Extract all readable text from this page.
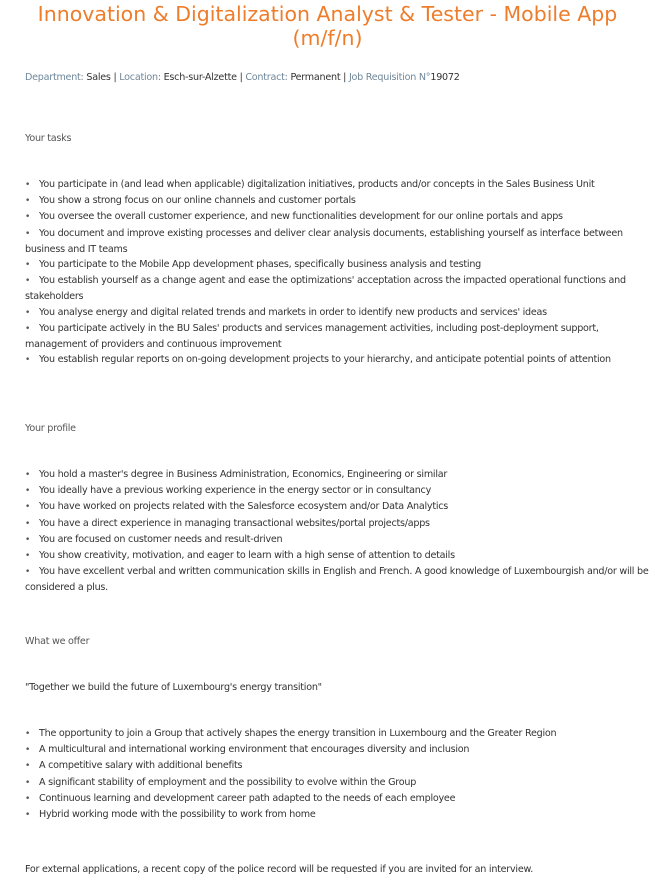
Innovation & Digitalization Analyst & Tester - Mobile App (m/f/n)
Department: Sales | Location: Esch-sur-Alzette | Contract: Permanent | Job Requisition N°19072
Your tasks
• You participate in (and lead when applicable) digitalization initiatives, products and/or concepts in the Sales Business Unit
• You show a strong focus on our online channels and customer portals
• You oversee the overall customer experience, and new functionalities development for our online portals and apps
• You document and improve existing processes and deliver clear analysis documents, establishing yourself as interface between business and IT teams
• You participate to the Mobile App development phases, specifically business analysis and testing
• You establish yourself as a change agent and ease the optimizations' acceptation across the impacted operational functions and stakeholders
• You analyse energy and digital related trends and markets in order to identify new products and services' ideas
• You participate actively in the BU Sales' products and services management activities, including post-deployment support, management of providers and continuous improvement
• You establish regular reports on on-going development projects to your hierarchy, and anticipate potential points of attention
Your profile
• You hold a master's degree in Business Administration, Economics, Engineering or similar
• You ideally have a previous working experience in the energy sector or in consultancy
• You have worked on projects related with the Salesforce ecosystem and/or Data Analytics
• You have a direct experience in managing transactional websites/portal projects/apps
• You are focused on customer needs and result-driven
• You show creativity, motivation, and eager to learn with a high sense of attention to details
• You have excellent verbal and written communication skills in English and French. A good knowledge of Luxembourgish and/or will be considered a plus.
What we offer
"Together we build the future of Luxembourg's energy transition"
• The opportunity to join a Group that actively shapes the energy transition in Luxembourg and the Greater Region
• A multicultural and international working environment that encourages diversity and inclusion
• A competitive salary with additional benefits
• A significant stability of employment and the possibility to evolve within the Group
• Continuous learning and development career path adapted to the needs of each employee
• Hybrid working mode with the possibility to work from home
For external applications, a recent copy of the police record will be requested if you are invited for an interview.
